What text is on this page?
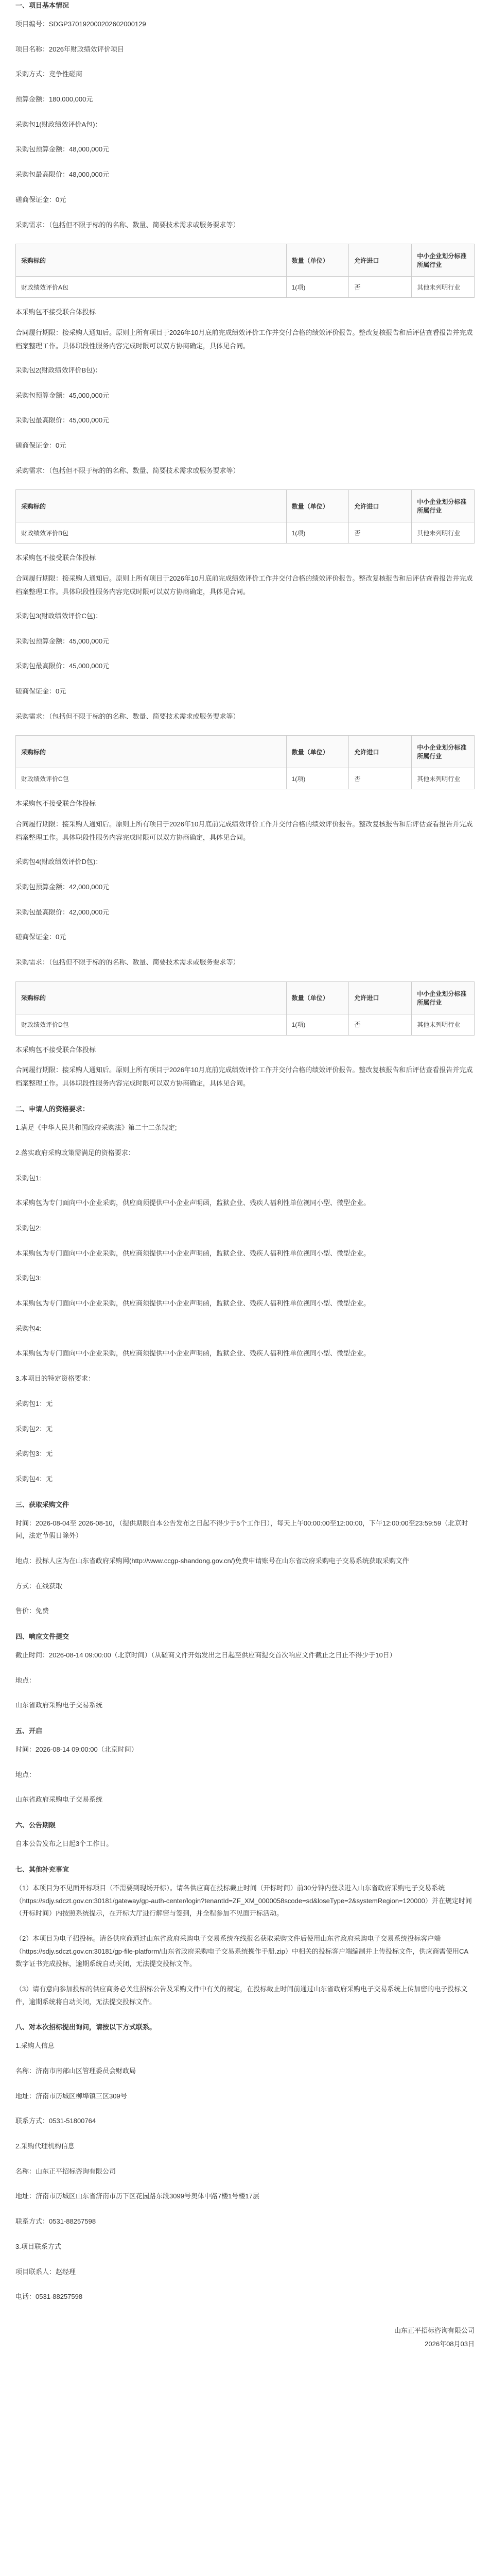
一、项目基本情况
项目编号：SDGP370192000202602000129
项目名称：2026年财政绩效评价项目
采购方式：竞争性磋商
预算金额：180,000,000元
采购包1(财政绩效评价A包)：
采购包预算金额：48,000,000元
采购包最高限价：48,000,000元
磋商保证金：0元
采购需求：（包括但不限于标的的名称、数量、简要技术需求或服务要求等）
采购标的	数量（单位）	允许进口	中小企业划分标准所属行业
财政绩效评价A包	1(项)	否	其他未列明行业
本采购包不接受联合体投标
合同履行期限：接采购人通知后。原则上所有项目于2026年10月底前完成绩效评价工作并交付合格的绩效评价报告。整改复核报告和后评估查看报告并完成档案整理工作。具体职段性服务内容完成时限可以双方协商确定，具体见合同。
采购包2(财政绩效评价B包)：
采购包预算金额：45,000,000元
采购包最高限价：45,000,000元
磋商保证金：0元
采购需求：（包括但不限于标的的名称、数量、简要技术需求或服务要求等）
采购标的	数量（单位）	允许进口	中小企业划分标准所属行业
财政绩效评价B包	1(项)	否	其他未列明行业
本采购包不接受联合体投标
合同履行期限：接采购人通知后。原则上所有项目于2026年10月底前完成绩效评价工作并交付合格的绩效评价报告。整改复核报告和后评估查看报告并完成档案整理工作。具体职段性服务内容完成时限可以双方协商确定，具体见合同。
采购包3(财政绩效评价C包)：
采购包预算金额：45,000,000元
采购包最高限价：45,000,000元
磋商保证金：0元
采购需求：（包括但不限于标的的名称、数量、简要技术需求或服务要求等）
采购标的	数量（单位）	允许进口	中小企业划分标准所属行业
财政绩效评价C包	1(项)	否	其他未列明行业
本采购包不接受联合体投标
合同履行期限：接采购人通知后。原则上所有项目于2026年10月底前完成绩效评价工作并交付合格的绩效评价报告。整改复核报告和后评估查看报告并完成档案整理工作。具体职段性服务内容完成时限可以双方协商确定，具体见合同。
采购包4(财政绩效评价D包)：
采购包预算金额：42,000,000元
采购包最高限价：42,000,000元
磋商保证金：0元
采购需求：（包括但不限于标的的名称、数量、简要技术需求或服务要求等）
采购标的	数量（单位）	允许进口	中小企业划分标准所属行业
财政绩效评价D包	1(项)	否	其他未列明行业
本采购包不接受联合体投标
合同履行期限：接采购人通知后。原则上所有项目于2026年10月底前完成绩效评价工作并交付合格的绩效评价报告。整改复核报告和后评估查看报告并完成档案整理工作。具体职段性服务内容完成时限可以双方协商确定，具体见合同。
二、申请人的资格要求：
1.满足《中华人民共和国政府采购法》第二十二条规定;
2.落实政府采购政策需满足的资格要求：
采购包1:
本采购包为专门面向中小企业采购，供应商须提供中小企业声明函，监狱企业、残疾人福利性单位视同小型、微型企业。
采购包2:
本采购包为专门面向中小企业采购，供应商须提供中小企业声明函，监狱企业、残疾人福利性单位视同小型、微型企业。
采购包3:
本采购包为专门面向中小企业采购，供应商须提供中小企业声明函，监狱企业、残疾人福利性单位视同小型、微型企业。
采购包4:
本采购包为专门面向中小企业采购，供应商须提供中小企业声明函，监狱企业、残疾人福利性单位视同小型、微型企业。
3.本项目的特定资格要求：
采购包1：无
采购包2：无
采购包3：无
采购包4：无
三、获取采购文件
时间：2026-08-04至 2026-08-10，（提供期限自本公告发布之日起不得少于5个工作日），每天上午00:00:00至12:00:00，下午12:00:00至23:59:59（北京时间，法定节假日除外）
地点：投标人应为在山东省政府采购网(http://www.ccgp-shandong.gov.cn/)免费申请账号在山东省政府采购电子交易系统获取采购文件
方式：在线获取
售价：免费
四、响应文件提交
截止时间：2026-08-14 09:00:00（北京时间）（从磋商文件开始发出之日起至供应商提交首次响应文件截止之日止不得少于10日）
地点：
山东省政府采购电子交易系统
五、开启
时间：2026-08-14 09:00:00（北京时间）
地点：
山东省政府采购电子交易系统
六、公告期限
自本公告发布之日起3个工作日。
七、其他补充事宜
（1）本项目为不见面开标项目（不需要到现场开标）。请各供应商在投标截止时间（开标时间）前30分钟内登录进入山东省政府采购电子交易系统（https://sdjy.sdczt.gov.cn:30181/gateway/gp-auth-center/login?tenantId=ZF_XM_0000058scode=sd&loseType=2&systemRegion=120000）并在规定时间（开标时间）内按照系统提示，在开标大厅进行解密与签到，并全程参加不见面开标活动。
（2）本项目为电子招投标。请各供应商通过山东省政府采购电子交易系统在线报名获取采购文件后使用山东省政府采购电子交易系统投标客户端（https://sdjy.sdczt.gov.cn:30181/gp-file-platform/山东省政府采购电子交易系统操作手册.zip）中相关的投标客户端编制并上传投标文件，供应商需使用CA数字证书完成投标，逾期系统自动关闭，无法提交投标文件。
（3）请有意向参加投标的供应商务必关注招标公告及采购文件中有关的规定，在投标截止时间前通过山东省政府采购电子交易系统上传加密的电子投标文件，逾期系统将自动关闭，无法提交投标文件。
八、对本次招标提出询问，请按以下方式联系。
1.采购人信息
名称：济南市南部山区管理委员会财政局
地址：济南市历城区柳埠镇三区309号
联系方式：0531-51800764
2.采购代理机构信息
名称：山东正平招标咨询有限公司
地址：济南市历城区山东省济南市历下区花园路东段3099号奥体中路7楼1号楼17层
联系方式：0531-88257598
3.项目联系方式
项目联系人：赵经理
电话：0531-88257598
山东正平招标咨询有限公司
2026年08月03日
